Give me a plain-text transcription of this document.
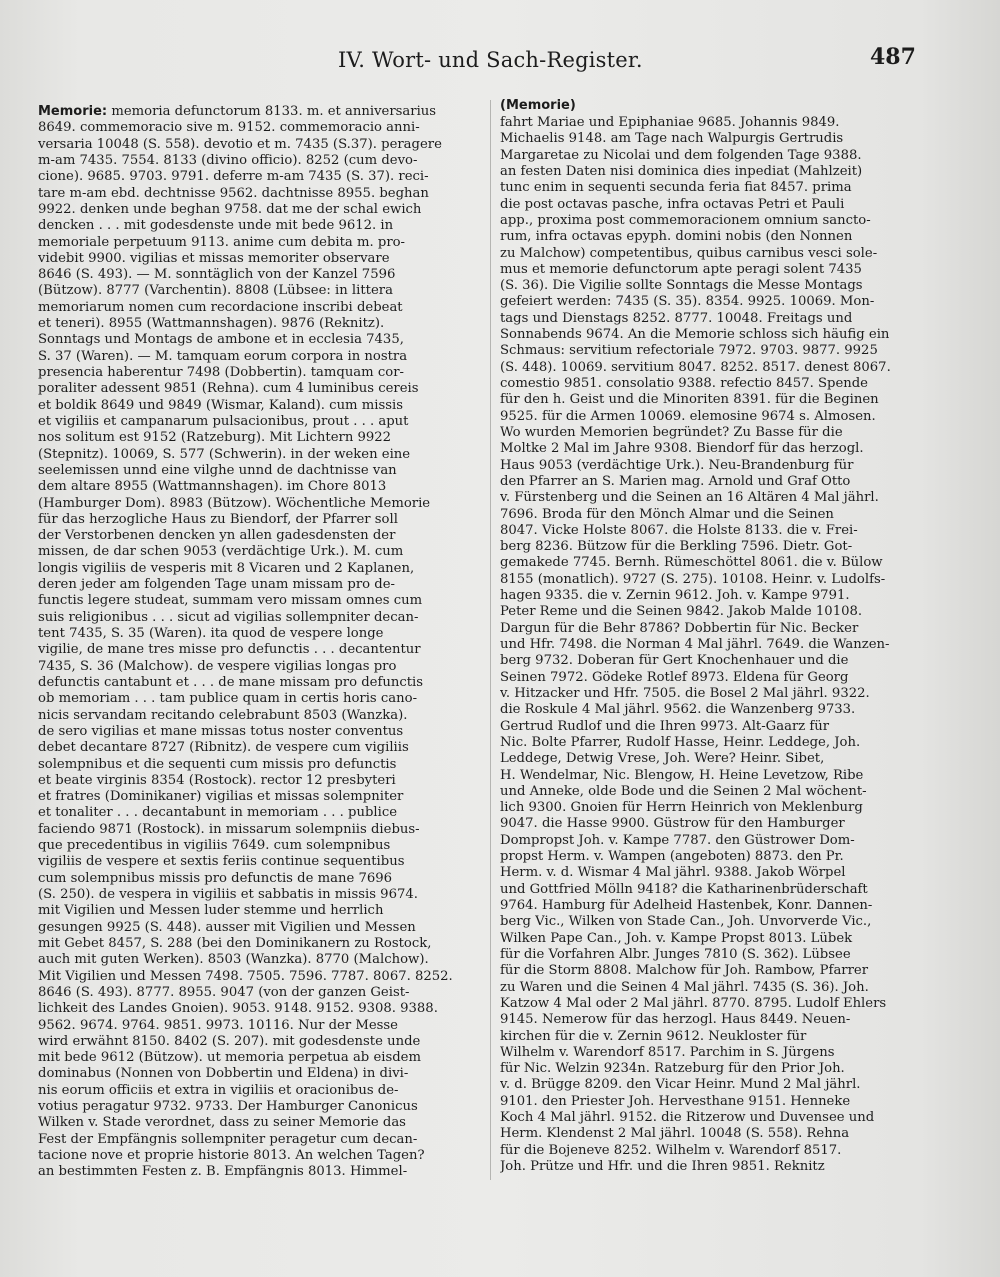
IV. Wort- und Sach-Register.	487
Memorie: memoria defunctorum 8133. m. et anniversarius
8649. commemoracio sive m. 9152. commemoracio anni-
versaria 10048 (S. 558). devotio et m. 7435 (S.37). peragere
m-am 7435. 7554. 8133 (divino officio). 8252 (cum devo-
cione). 9685. 9703. 9791. deferre m-am 7435 (S. 37). reci-
tare m-am ebd. dechtnisse 9562. dachtnisse 8955. beghan
9922. denken unde beghan 9758. dat me der schal ewich
dencken . . . mit godesdenste unde mit bede 9612. in
memoriale perpetuum 9113. anime cum debita m. pro-
videbit 9900. vigilias et missas memoriter observare
8646 (S. 493). — M. sonntäglich von der Kanzel 7596
(Bützow). 8777 (Varchentin). 8808 (Lübsee: in littera
memoriarum nomen cum recordacione inscribi debeat
et teneri). 8955 (Wattmannshagen). 9876 (Reknitz).
Sonntags und Montags de ambone et in ecclesia 7435,
S. 37 (Waren). — M. tamquam eorum corpora in nostra
presencia haberentur 7498 (Dobbertin). tamquam cor-
poraliter adessent 9851 (Rehna). cum 4 luminibus cereis
et boldik 8649 und 9849 (Wismar, Kaland). cum missis
et vigiliis et campanarum pulsacionibus, prout . . . aput
nos solitum est 9152 (Ratzeburg). Mit Lichtern 9922
(Stepnitz). 10069, S. 577 (Schwerin). in der weken eine
seelemissen unnd eine vilghe unnd de dachtnisse van
dem altare 8955 (Wattmannshagen). im Chore 8013
(Hamburger Dom). 8983 (Bützow). Wöchentliche Memorie
für das herzogliche Haus zu Biendorf, der Pfarrer soll
der Verstorbenen dencken yn allen gadesdensten der
missen, de dar schen 9053 (verdächtige Urk.). M. cum
longis vigiliis de vesperis mit 8 Vicaren und 2 Kaplanen,
deren jeder am folgenden Tage unam missam pro de-
functis legere studeat, summam vero missam omnes cum
suis religionibus . . . sicut ad vigilias sollempniter decan-
tent 7435, S. 35 (Waren). ita quod de vespere longe
vigilie, de mane tres misse pro defunctis . . . decantentur
7435, S. 36 (Malchow). de vespere vigilias longas pro
defunctis cantabunt et . . . de mane missam pro defunctis
ob memoriam . . . tam publice quam in certis horis cano-
nicis servandam recitando celebrabunt 8503 (Wanzka).
de sero vigilias et mane missas totus noster conventus
debet decantare 8727 (Ribnitz). de vespere cum vigiliis
solempnibus et die sequenti cum missis pro defunctis
et beate virginis 8354 (Rostock). rector 12 presbyteri
et fratres (Dominikaner) vigilias et missas solempniter
et tonaliter . . . decantabunt in memoriam . . . publice
faciendo 9871 (Rostock). in missarum solempniis diebus-
que precedentibus in vigiliis 7649. cum solempnibus
vigiliis de vespere et sextis feriis continue sequentibus
cum solempnibus missis pro defunctis de mane 7696
(S. 250). de vespera in vigiliis et sabbatis in missis 9674.
mit Vigilien und Messen luder stemme und herrlich
gesungen 9925 (S. 448). ausser mit Vigilien und Messen
mit Gebet 8457, S. 288 (bei den Dominikanern zu Rostock,
auch mit guten Werken). 8503 (Wanzka). 8770 (Malchow).
Mit Vigilien und Messen 7498. 7505. 7596. 7787. 8067. 8252.
8646 (S. 493). 8777. 8955. 9047 (von der ganzen Geist-
lichkeit des Landes Gnoien). 9053. 9148. 9152. 9308. 9388.
9562. 9674. 9764. 9851. 9973. 10116. Nur der Messe
wird erwähnt 8150. 8402 (S. 207). mit godesdenste unde
mit bede 9612 (Bützow). ut memoria perpetua ab eisdem
dominabus (Nonnen von Dobbertin und Eldena) in divi-
nis eorum officiis et extra in vigiliis et oracionibus de-
votius peragatur 9732. 9733. Der Hamburger Canonicus
Wilken v. Stade verordnet, dass zu seiner Memorie das
Fest der Empfängnis sollempniter peragetur cum decan-
tacione nove et proprie historie 8013. An welchen Tagen?
an bestimmten Festen z. B. Empfängnis 8013. Himmel-
(Memorie)
fahrt Mariae und Epiphaniae 9685. Johannis 9849.
Michaelis 9148. am Tage nach Walpurgis Gertrudis
Margaretae zu Nicolai und dem folgenden Tage 9388.
an festen Daten nisi dominica dies inpediat (Mahlzeit)
tunc enim in sequenti secunda feria fiat 8457. prima
die post octavas pasche, infra octavas Petri et Pauli
app., proxima post commemoracionem omnium sancto-
rum, infra octavas epyph. domini nobis (den Nonnen
zu Malchow) competentibus, quibus carnibus vesci sole-
mus et memorie defunctorum apte peragi solent 7435
(S. 36). Die Vigilie sollte Sonntags die Messe Montags
gefeiert werden: 7435 (S. 35). 8354. 9925. 10069. Mon-
tags und Dienstags 8252. 8777. 10048. Freitags und
Sonnabends 9674. An die Memorie schloss sich häufig ein
Schmaus: servitium refectoriale 7972. 9703. 9877. 9925
(S. 448). 10069. servitium 8047. 8252. 8517. denest 8067.
comestio 9851. consolatio 9388. refectio 8457. Spende
für den h. Geist und die Minoriten 8391. für die Beginen
9525. für die Armen 10069. elemosine 9674 s. Almosen.
Wo wurden Memorien begründet? Zu Basse für die
Moltke 2 Mal im Jahre 9308. Biendorf für das herzogl.
Haus 9053 (verdächtige Urk.). Neu-Brandenburg für
den Pfarrer an S. Marien mag. Arnold und Graf Otto
v. Fürstenberg und die Seinen an 16 Altären 4 Mal jährl.
7696. Broda für den Mönch Almar und die Seinen
8047. Vicke Holste 8067. die Holste 8133. die v. Frei-
berg 8236. Bützow für die Berkling 7596. Dietr. Got-
gemakede 7745. Bernh. Rümeschöttel 8061. die v. Bülow
8155 (monatlich). 9727 (S. 275). 10108. Heinr. v. Ludolfs-
hagen 9335. die v. Zernin 9612. Joh. v. Kampe 9791.
Peter Reme und die Seinen 9842. Jakob Malde 10108.
Dargun für die Behr 8786? Dobbertin für Nic. Becker
und Hfr. 7498. die Norman 4 Mal jährl. 7649. die Wanzen-
berg 9732. Doberan für Gert Knochenhauer und die
Seinen 7972. Gödeke Rotlef 8973. Eldena für Georg
v. Hitzacker und Hfr. 7505. die Bosel 2 Mal jährl. 9322.
die Roskule 4 Mal jährl. 9562. die Wanzenberg 9733.
Gertrud Rudlof und die Ihren 9973. Alt-Gaarz für
Nic. Bolte Pfarrer, Rudolf Hasse, Heinr. Leddege, Joh.
Leddege, Detwig Vrese, Joh. Were? Heinr. Sibet,
H. Wendelmar, Nic. Blengow, H. Heine Levetzow, Ribe
und Anneke, olde Bode und die Seinen 2 Mal wöchent-
lich 9300. Gnoien für Herrn Heinrich von Meklenburg
9047. die Hasse 9900. Güstrow für den Hamburger
Dompropst Joh. v. Kampe 7787. den Güstrower Dom-
propst Herm. v. Wampen (angeboten) 8873. den Pr.
Herm. v. d. Wismar 4 Mal jährl. 9388. Jakob Wörpel
und Gottfried Mölln 9418? die Katharinenbrüderschaft
9764. Hamburg für Adelheid Hastenbek, Konr. Dannen-
berg Vic., Wilken von Stade Can., Joh. Unvorverde Vic.,
Wilken Pape Can., Joh. v. Kampe Propst 8013. Lübek
für die Vorfahren Albr. Junges 7810 (S. 362). Lübsee
für die Storm 8808. Malchow für Joh. Rambow, Pfarrer
zu Waren und die Seinen 4 Mal jährl. 7435 (S. 36). Joh.
Katzow 4 Mal oder 2 Mal jährl. 8770. 8795. Ludolf Ehlers
9145. Nemerow für das herzogl. Haus 8449. Neuen-
kirchen für die v. Zernin 9612. Neukloster für
Wilhelm v. Warendorf 8517. Parchim in S. Jürgens
für Nic. Welzin 9234n. Ratzeburg für den Prior Joh.
v. d. Brügge 8209. den Vicar Heinr. Mund 2 Mal jährl.
9101. den Priester Joh. Hervesthane 9151. Henneke
Koch 4 Mal jährl. 9152. die Ritzerow und Duvensee und
Herm. Klendenst 2 Mal jährl. 10048 (S. 558). Rehna
für die Bojeneve 8252. Wilhelm v. Warendorf 8517.
Joh. Prütze und Hfr. und die Ihren 9851. Reknitz
